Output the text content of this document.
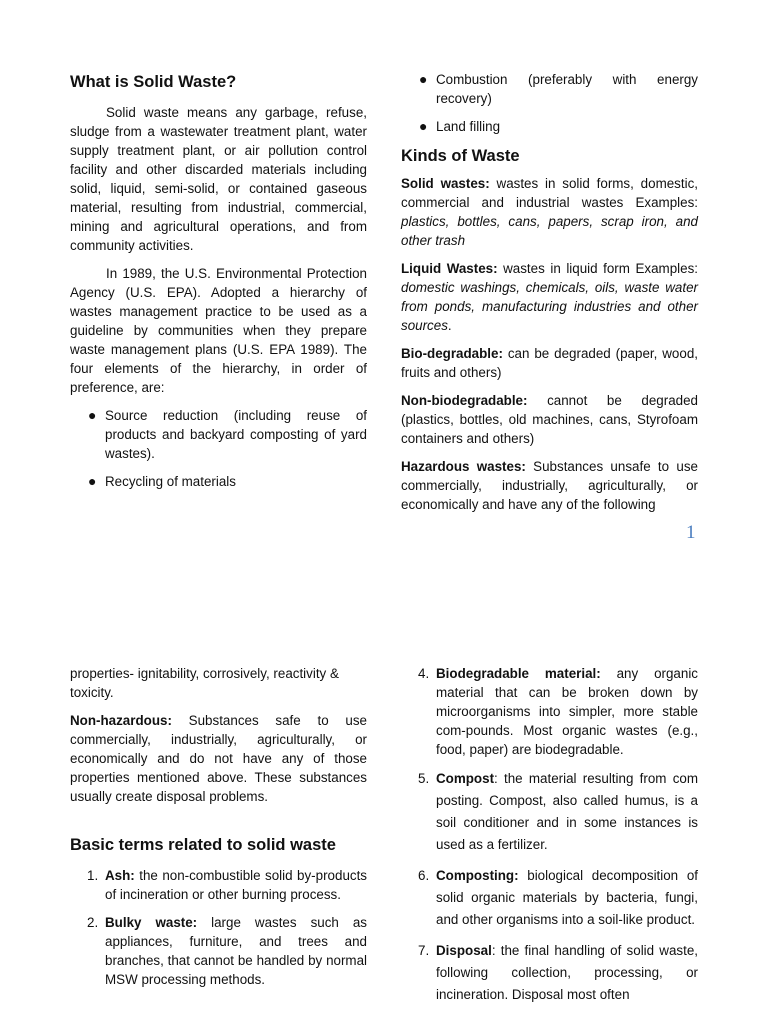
What is Solid Waste?

Solid waste means any garbage, refuse, sludge from a wastewater treatment plant, water supply treatment plant, or air pollution control facility and other discarded materials including solid, liquid, semi-solid, or contained gaseous material, resulting from industrial, commercial, mining and agricultural operations, and from community activities.

In 1989, the U.S. Environmental Protection Agency (U.S. EPA). Adopted a hierarchy of wastes management practice to be used as a guideline by communities when they prepare waste management plans (U.S. EPA 1989). The four elements of the hierarchy, in order of preference, are:

● Source reduction (including reuse of products and backyard composting of yard wastes).
● Recycling of materials
● Combustion (preferably with energy recovery)
● Land filling
Kinds of Waste

Solid wastes: wastes in solid forms, domestic, commercial and industrial wastes Examples: plastics, bottles, cans, papers, scrap iron, and other trash

Liquid Wastes: wastes in liquid form Examples: domestic washings, chemicals, oils, waste water from ponds, manufacturing industries and other sources.

Bio-degradable: can be degraded (paper, wood, fruits and others)

Non-biodegradable: cannot be degraded (plastics, bottles, old machines, cans, Styrofoam containers and others)

Hazardous wastes: Substances unsafe to use commercially, industrially, agriculturally, or economically and have any of the following

1

properties- ignitability, corrosively, reactivity & toxicity.

Non-hazardous: Substances safe to use commercially, industrially, agriculturally, or economically and do not have any of those properties mentioned above. These substances usually create disposal problems.

Basic terms related to solid waste
1. Ash: the non-combustible solid by-products of incineration or other burning process.
2. Bulky waste: large wastes such as appliances, furniture, and trees and branches, that cannot be handled by normal MSW processing methods.
4. Biodegradable material: any organic material that can be broken down by microorganisms into simpler, more stable com-pounds. Most organic wastes (e.g., food, paper) are biodegradable.
5. Compost: the material resulting from com posting. Compost, also called humus, is a soil conditioner and in some instances is used as a fertilizer.
6. Composting: biological decomposition of solid organic materials by bacteria, fungi, and other organisms into a soil-like product.
7. Disposal: the final handling of solid waste, following collection, processing, or incineration. Disposal most often
